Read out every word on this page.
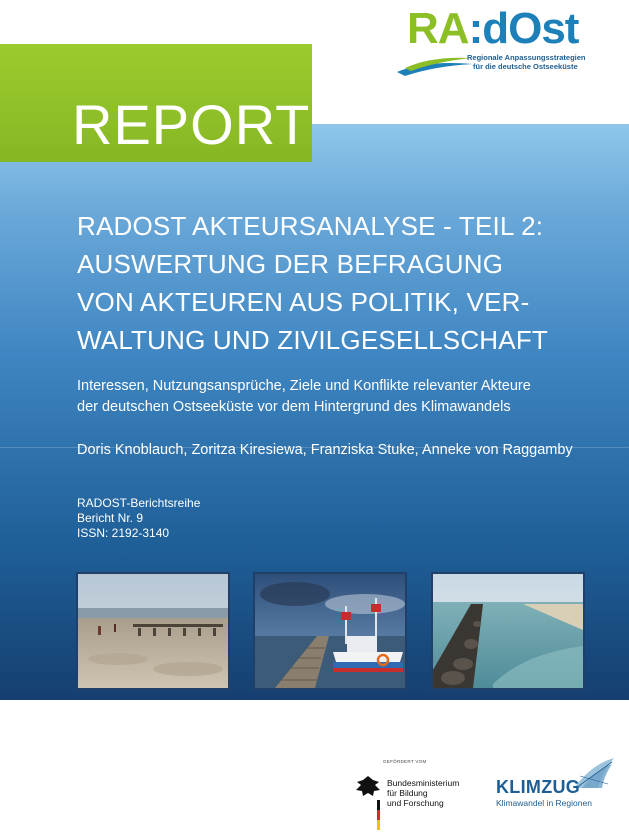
RA:dOst
Regionale Anpassungsstrategien
für die deutsche Ostseeküste
REPORT
RADOST AKTEURSANALYSE - TEIL 2:
AUSWERTUNG DER BEFRAGUNG
VON AKTEUREN AUS POLITIK, VER-
WALTUNG UND ZIVILGESELLSCHAFT
Interessen, Nutzungsansprüche, Ziele und Konflikte relevanter Akteure
der deutschen Ostseeküste vor dem Hintergrund des Klimawandels
Doris Knoblauch, Zoritza Kiresiewa, Franziska Stuke, Anneke von Raggamby
RADOST-Berichtsreihe
Bericht Nr. 9
ISSN: 2192-3140
GEFÖRDERT VOM
Bundesministerium
für Bildung
und Forschung
KLIMZUG
Klimawandel in Regionen
